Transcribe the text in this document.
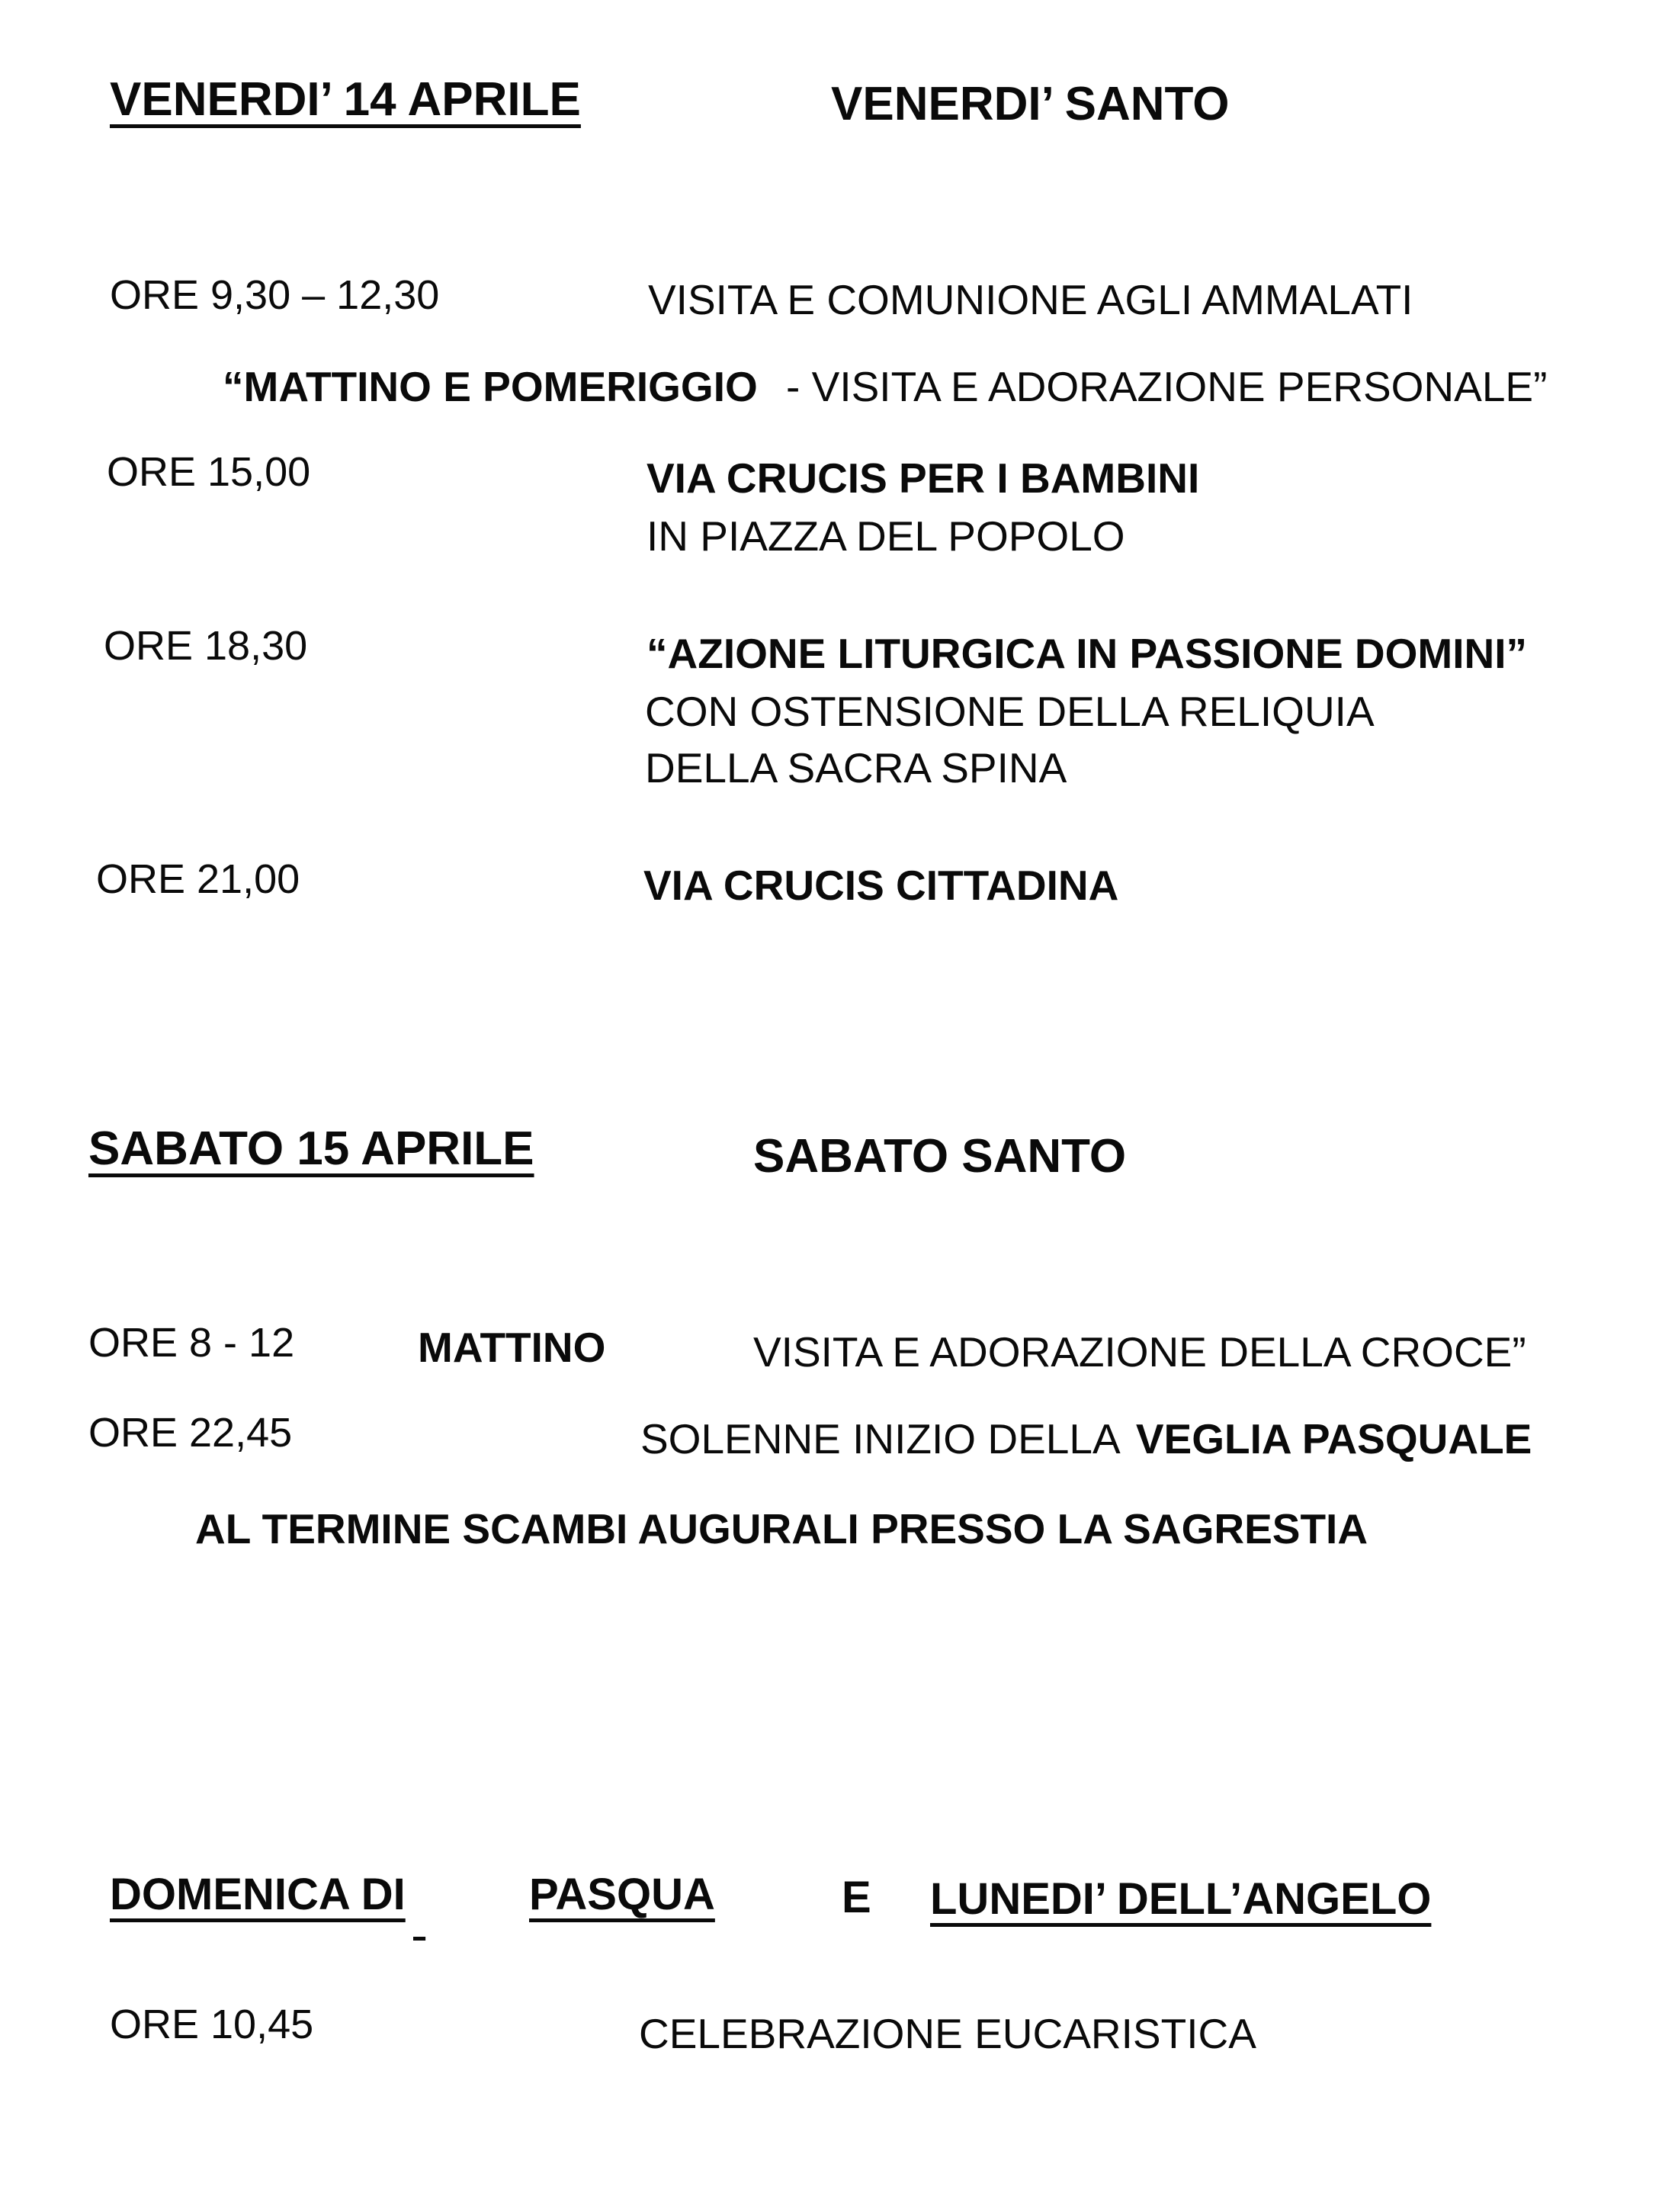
VENERDI’ 14 APRILE	VENERDI’ SANTO
ORE 9,30 – 12,30	VISITA E COMUNIONE AGLI AMMALATI
“MATTINO E POMERIGGIO - VISITA E ADORAZIONE PERSONALE”
ORE 15,00	VIA CRUCIS PER I BAMBINI
IN PIAZZA DEL POPOLO
ORE 18,30	“AZIONE LITURGICA IN PASSIONE DOMINI”
CON OSTENSIONE DELLA RELIQUIA
DELLA SACRA SPINA
ORE 21,00	VIA CRUCIS CITTADINA
SABATO 15 APRILE	SABATO SANTO
ORE 8 - 12	MATTINO	VISITA E ADORAZIONE DELLA CROCE”
ORE 22,45	SOLENNE INIZIO DELLA VEGLIA PASQUALE
AL TERMINE SCAMBI AUGURALI PRESSO LA SAGRESTIA
DOMENICA DI
	PASQUA	E LUNEDI’ DELL’ANGELO
ORE 10,45	CELEBRAZIONE EUCARISTICA
